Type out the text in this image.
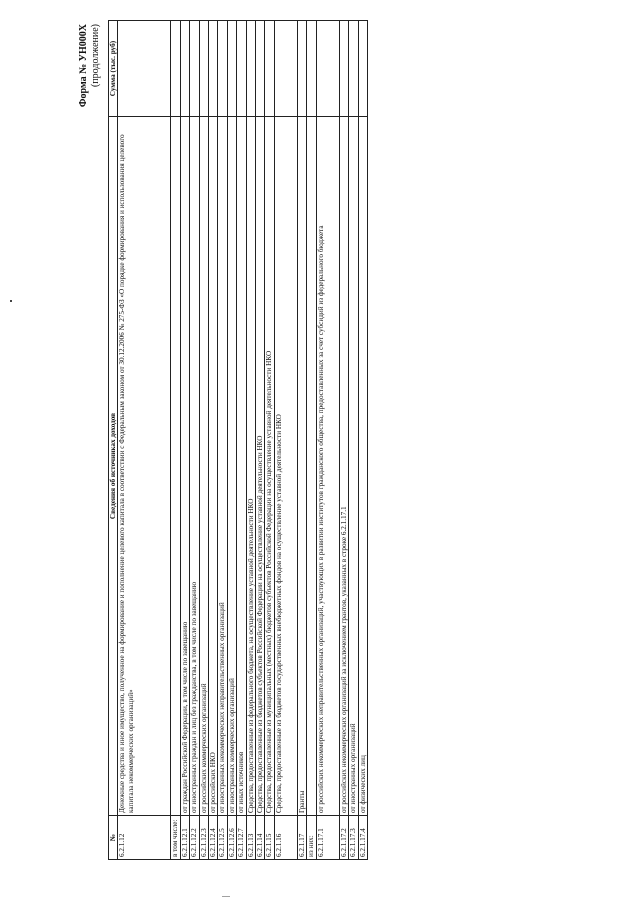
Форма № УН000Х (продолжение)
№	Сведения об источниках доходов	Сумма (тыс. руб)
6.2.1.12	Денежные средства и иное имущество, полученное на формирование и пополнение целевого капитала в соответствии с Федеральным законом от 30.12.2006 № 275-ФЗ «О порядке формирования и использования целевого капитала некоммерческих организаций»	
в том числе:		
6.2.1.12.1	от граждан Российской Федерации, в том числе по завещанию	
6.2.1.12.2	от иностранных граждан и лиц без гражданства, в том числе по завещанию	
6.2.1.12.3	от российских коммерческих организаций	
6.2.1.12.4	от российских НКО	
6.2.1.12.5	от иностранных некоммерческих неправительственных организаций	
6.2.1.12.6	от иностранных коммерческих организаций	
6.2.1.12.7	от иных источников	
6.2.1.13	Средства, предоставленные из федерального бюджета, на осуществление уставной деятельности НКО	
6.2.1.14	Средства, предоставленные из бюджетов субъектов Российской Федерации на осуществление уставной деятельности НКО	
6.2.1.15	Средства, предоставленные из муниципальных (местных) бюджетов субъектов Российской Федерации на осуществление уставной деятельности НКО	
6.2.1.16	Средства, предоставленные из бюджетов государственных внебюджетных фондов на осуществление уставной деятельности НКО	
6.2.1.17	Гранты	
из них:		
6.2.1.17.1	от российских некоммерческих неправительственных организаций, участвующих в развитии институтов гражданского общества, предоставленных за счет субсидий из федерального бюджета	
6.2.1.17.2	от российских некоммерческих организаций за исключением грантов, указанных в строке 6.2.1.17.1	
6.2.1.17.3	от иностранных организаций	
6.2.1.17.4	от физических лиц	
